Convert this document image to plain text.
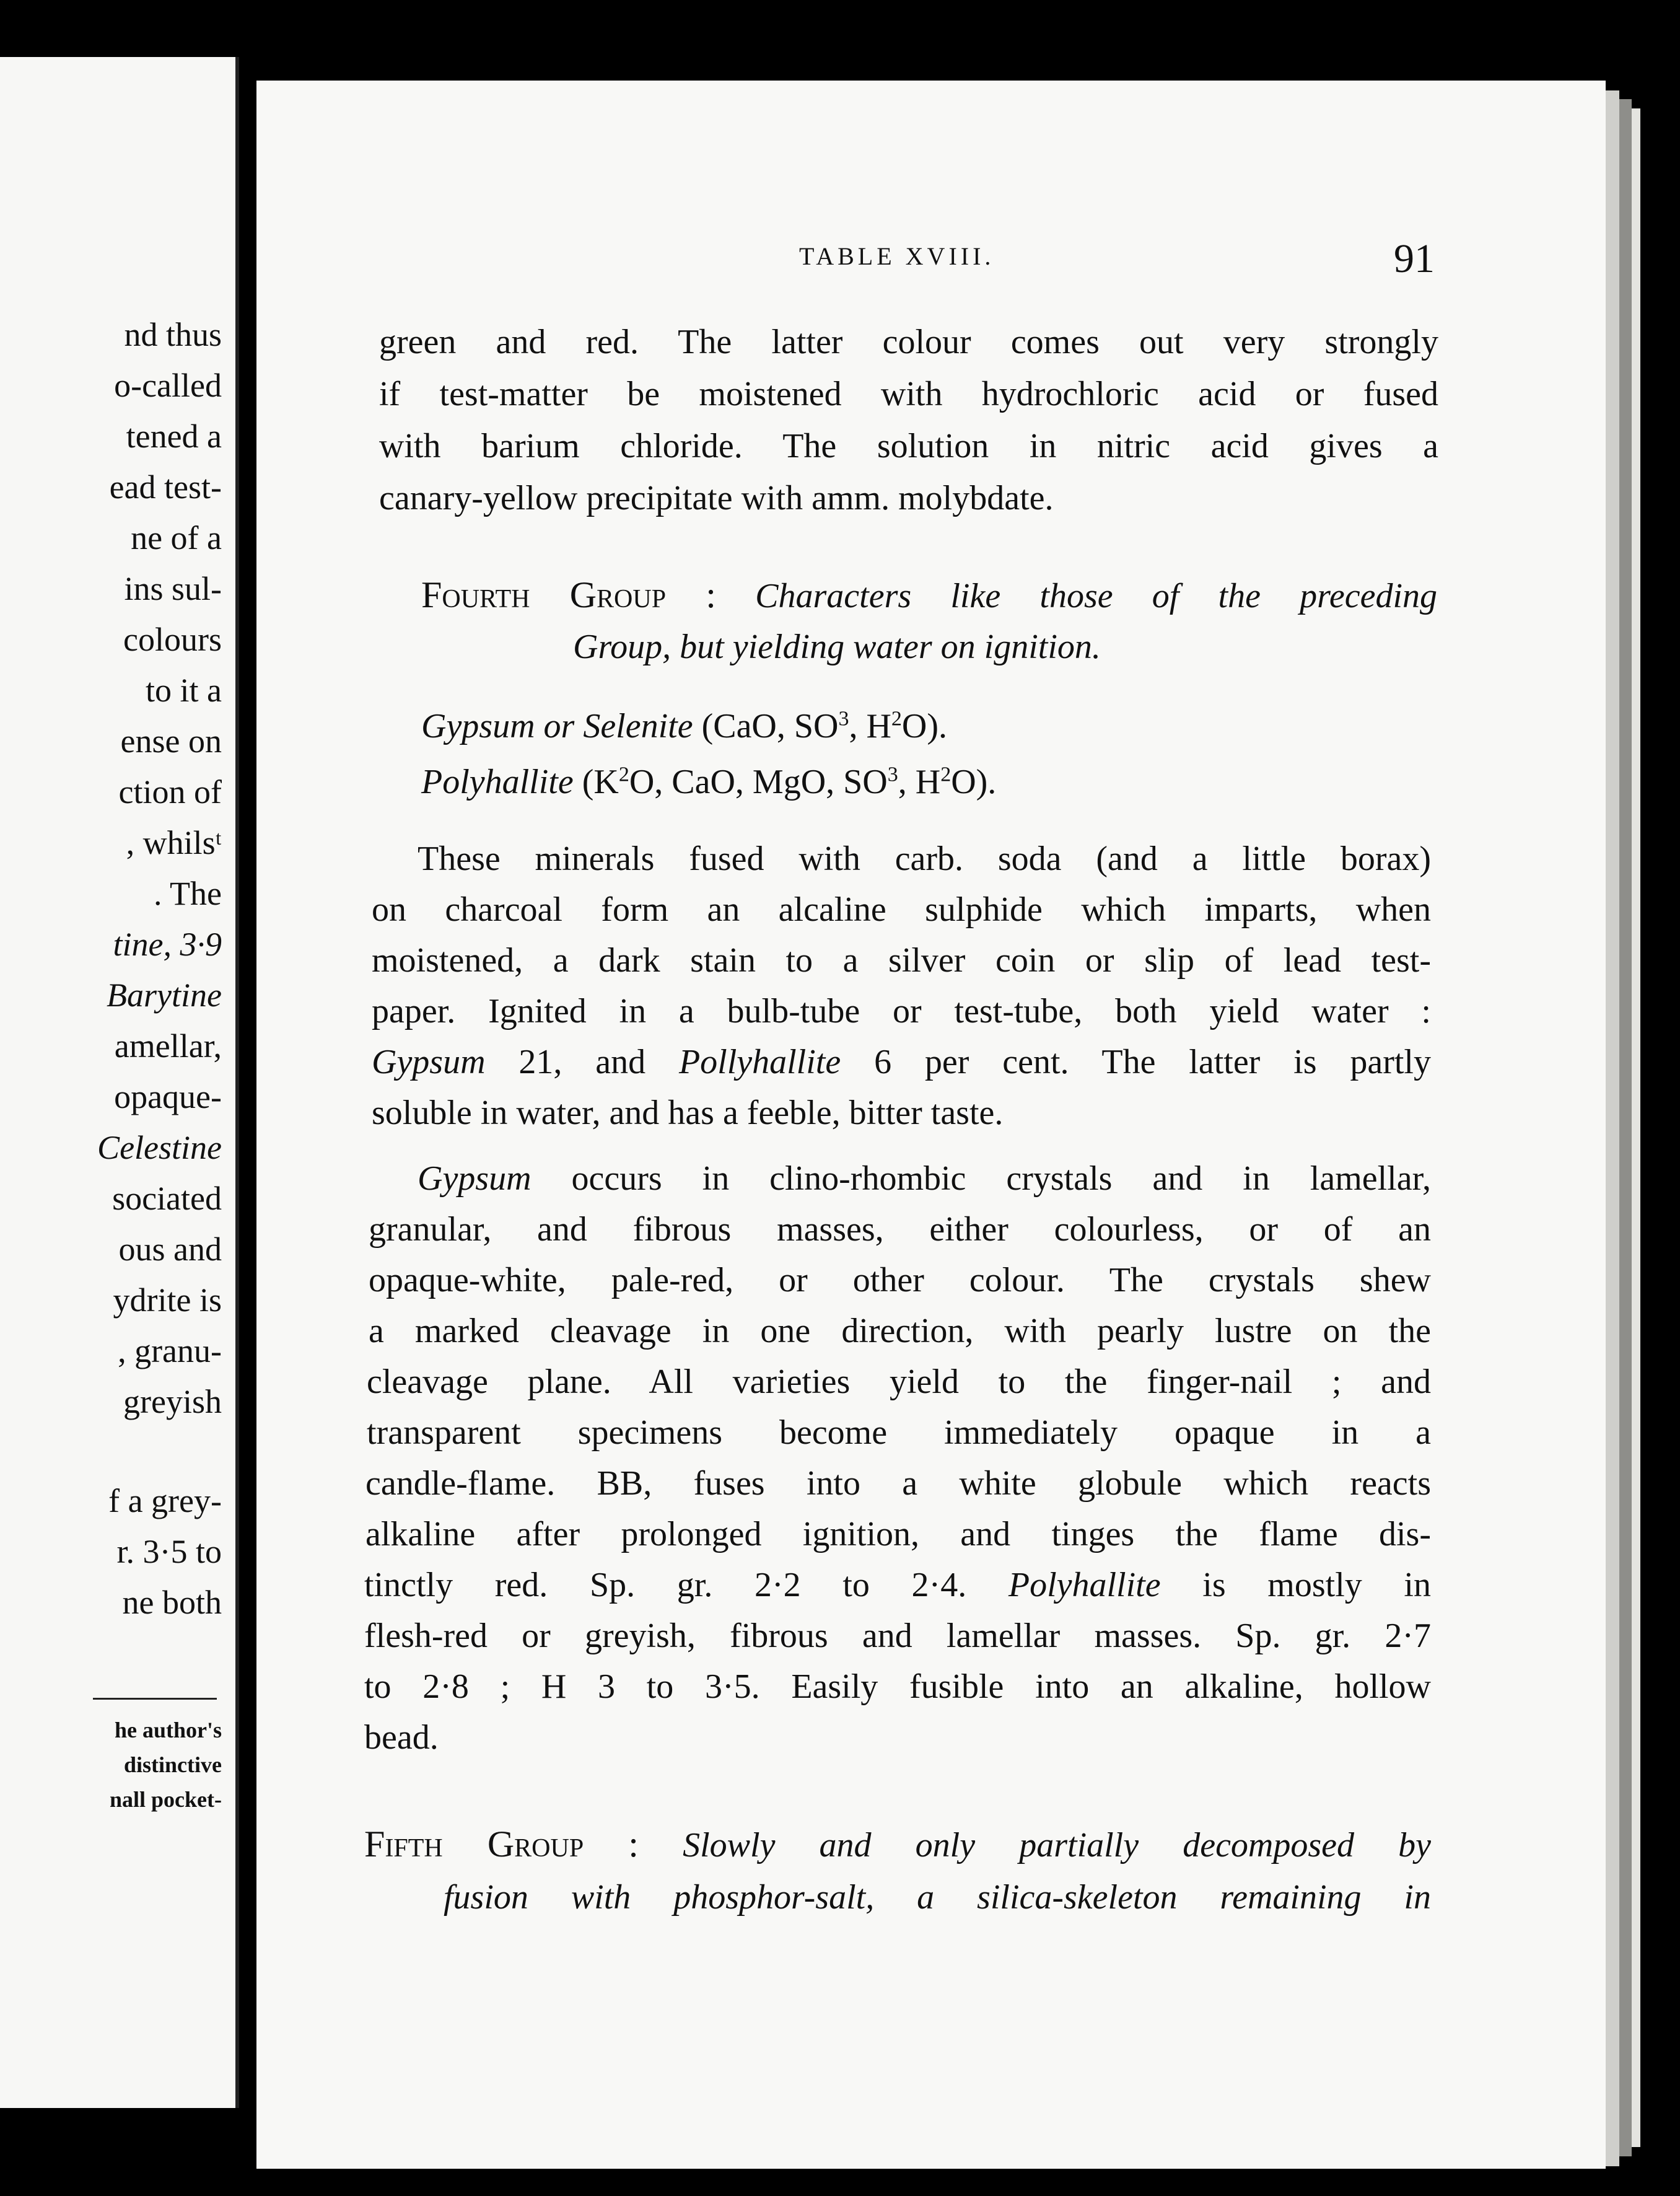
nd thus
o-called
tened a
ead test-
ne of a
ins sul-
colours
to it a
ense on
ction of
, whilsᵗ
. The
tine, 3·9
Barytine
amellar,
opaque-
Celestine
sociated
ous and
ydrite is
, granu-
greyish
f a grey-
r. 3·5 to
ne both
he author's
distinctive
nall pocket-
TABLE XVIII.	91
green and red. The latter colour comes out very strongly
if test-matter be moistened with hydrochloric acid or fused
with barium chloride. The solution in nitric acid gives a
canary-yellow precipitate with amm. molybdate.
Fourth Group : Characters like those of the preceding
Group, but yielding water on ignition.
Gypsum or Selenite (CaO, $SO^3$, $H^2O$).
Polyhallite ($K^2O$, CaO, MgO, $SO^3$, $H^2O$).
These minerals fused with carb. soda (and a little borax)
on charcoal form an alcaline sulphide which imparts, when
moistened, a dark stain to a silver coin or slip of lead test-
paper. Ignited in a bulb-tube or test-tube, both yield water :
Gypsum 21, and Pollyhallite 6 per cent. The latter is partly
soluble in water, and has a feeble, bitter taste.
Gypsum occurs in clino-rhombic crystals and in lamellar,
granular, and fibrous masses, either colourless, or of an
opaque-white, pale-red, or other colour. The crystals shew
a marked cleavage in one direction, with pearly lustre on the
cleavage plane. All varieties yield to the finger-nail ; and
transparent specimens become immediately opaque in a
candle-flame. BB, fuses into a white globule which reacts
alkaline after prolonged ignition, and tinges the flame dis-
tinctly red. Sp. gr. 2·2 to 2·4. Polyhallite is mostly in
flesh-red or greyish, fibrous and lamellar masses. Sp. gr. 2·7
to 2·8 ; H 3 to 3·5. Easily fusible into an alkaline, hollow
bead.
Fifth Group : Slowly and only partially decomposed by
fusion with phosphor-salt, a silica-skeleton remaining in
